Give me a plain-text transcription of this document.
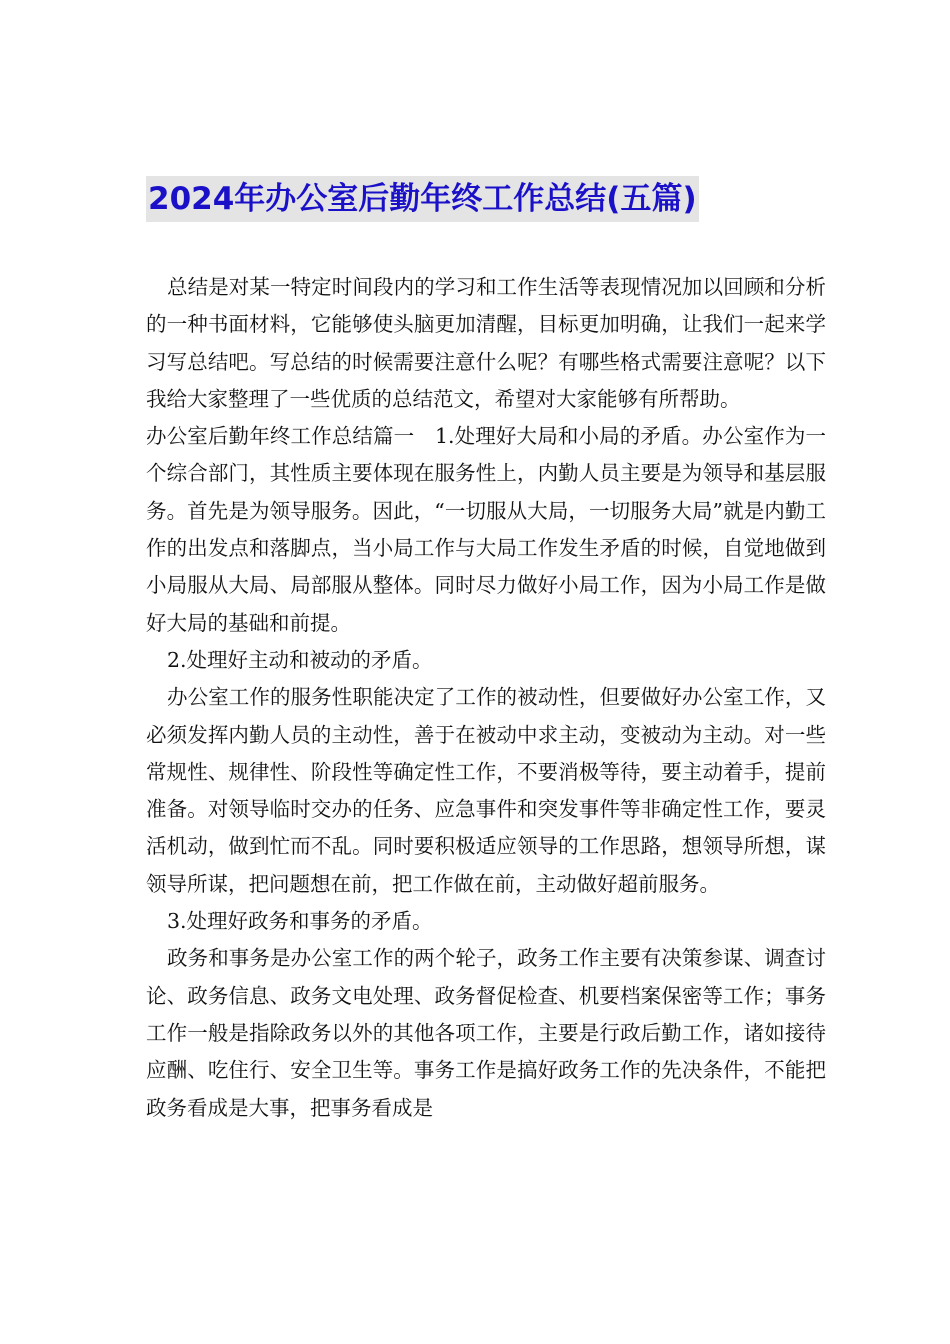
2024年办公室后勤年终工作总结(五篇)

总结是对某一特定时间段内的学习和工作生活等表现情况加以回顾和分析的一种书面材料，它能够使头脑更加清醒，目标更加明确，让我们一起来学习写总结吧。写总结的时候需要注意什么呢？有哪些格式需要注意呢？以下我给大家整理了一些优质的总结范文，希望对大家能够有所帮助。

办公室后勤年终工作总结篇一　1.处理好大局和小局的矛盾。办公室作为一个综合部门，其性质主要体现在服务性上，内勤人员主要是为领导和基层服务。首先是为领导服务。因此，“一切服从大局，一切服务大局”就是内勤工作的出发点和落脚点，当小局工作与大局工作发生矛盾的时候，自觉地做到小局服从大局、局部服从整体。同时尽力做好小局工作，因为小局工作是做好大局的基础和前提。

2.处理好主动和被动的矛盾。

办公室工作的服务性职能决定了工作的被动性，但要做好办公室工作，又必须发挥内勤人员的主动性，善于在被动中求主动，变被动为主动。对一些常规性、规律性、阶段性等确定性工作，不要消极等待，要主动着手，提前准备。对领导临时交办的任务、应急事件和突发事件等非确定性工作，要灵活机动，做到忙而不乱。同时要积极适应领导的工作思路，想领导所想，谋领导所谋，把问题想在前，把工作做在前，主动做好超前服务。

3.处理好政务和事务的矛盾。

政务和事务是办公室工作的两个轮子，政务工作主要有决策参谋、调查讨论、政务信息、政务文电处理、政务督促检查、机要档案保密等工作；事务工作一般是指除政务以外的其他各项工作，主要是行政后勤工作，诸如接待应酬、吃住行、安全卫生等。事务工作是搞好政务工作的先决条件，不能把政务看成是大事，把事务看成是
